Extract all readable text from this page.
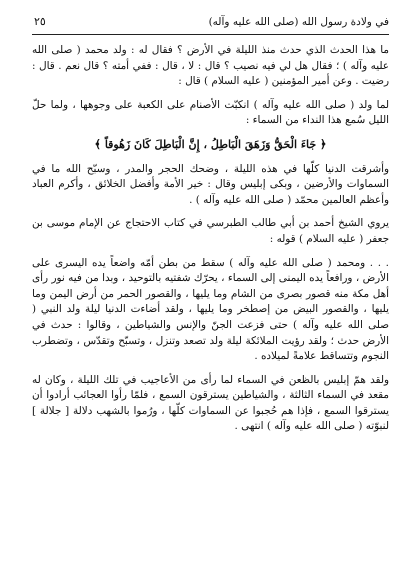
في ولادة رسول الله (صلى الله عليه وآله)
٢٥

ما هذا الحدث الذي حدث منذ الليلة في الأرض ؟ فقال له : ولد محمد ( صلى الله عليه وآله ) ؛ فقال هل لي فيه نصيب ؟ قال : لا ، قال : ففي أمته ؟ قال نعم . قال : رضيت . وعن أمير المؤمنين ( عليه السلام ) قال :

لما ولد ( صلى الله عليه وآله ) انكبّت الأصنام على الكعبة على وجوهها ، ولما حلّ الليل سُمع هذا النداء من السماء :

﴿ جَاءَ الْحَقُّ وَزَهَقَ الْبَاطِلُ ، إِنَّ الْبَاطِلَ كَانَ زَهُوقاً ﴾

وأشرقت الدنيا كلّها في هذه الليلة ، وضحك الحجر والمدر ، وسبّح الله ما في السماوات والأرضين ، وبكى إبليس وقال : خير الأمة وأفضل الخلائق ، وأكرم العباد وأعظم العالمين محمّد ( صلى الله عليه وآله ) .

يروي الشيخ أحمد بن أبي طالب الطبرسي في كتاب الاحتجاج عن الإمام موسى بن جعفر ( عليه السلام ) قوله :

. . . ومحمد ( صلى الله عليه وآله ) سقط من بطن أمّه واضعاً يده اليسرى على الأرض ، ورافعاً يده اليمنى إلى السماء ، يحرّك شفتيه بالتوحيد ، وبدا من فيه نور رأى أهل مكة منه قصور بصرى من الشام وما يليها ، والقصور الحمر من أرض اليمن وما يليها ، والقصور البيض من إصطخر وما يليها ، ولقد أضاءت الدنيا ليلة ولد النبي ( صلى الله عليه وآله ) حتى فزعت الجنّ والإنس والشياطين ، وقالوا : حدث في الأرض حدث ؛ ولقد رؤيت الملائكة ليلة ولد تصعد وتنزل ، وتسبّح وتقدّس ، وتضطرب النجوم وتتساقط علامةً لميلاده .

ولقد همّ إبليس بالظعن في السماء لما رأى من الأعاجيب في تلك الليلة ، وكان له مقعد في السماء الثالثة ، والشياطين يسترقون السمع ، فلمّا رأوا العجائب أرادوا أن يسترقوا السمع ، فإذا هم حُجبوا عن السماوات كلّها ، ورُموا بالشهب دلالة [ جلالة ] لنبوّته ( صلى الله عليه وآله ) انتهى .
